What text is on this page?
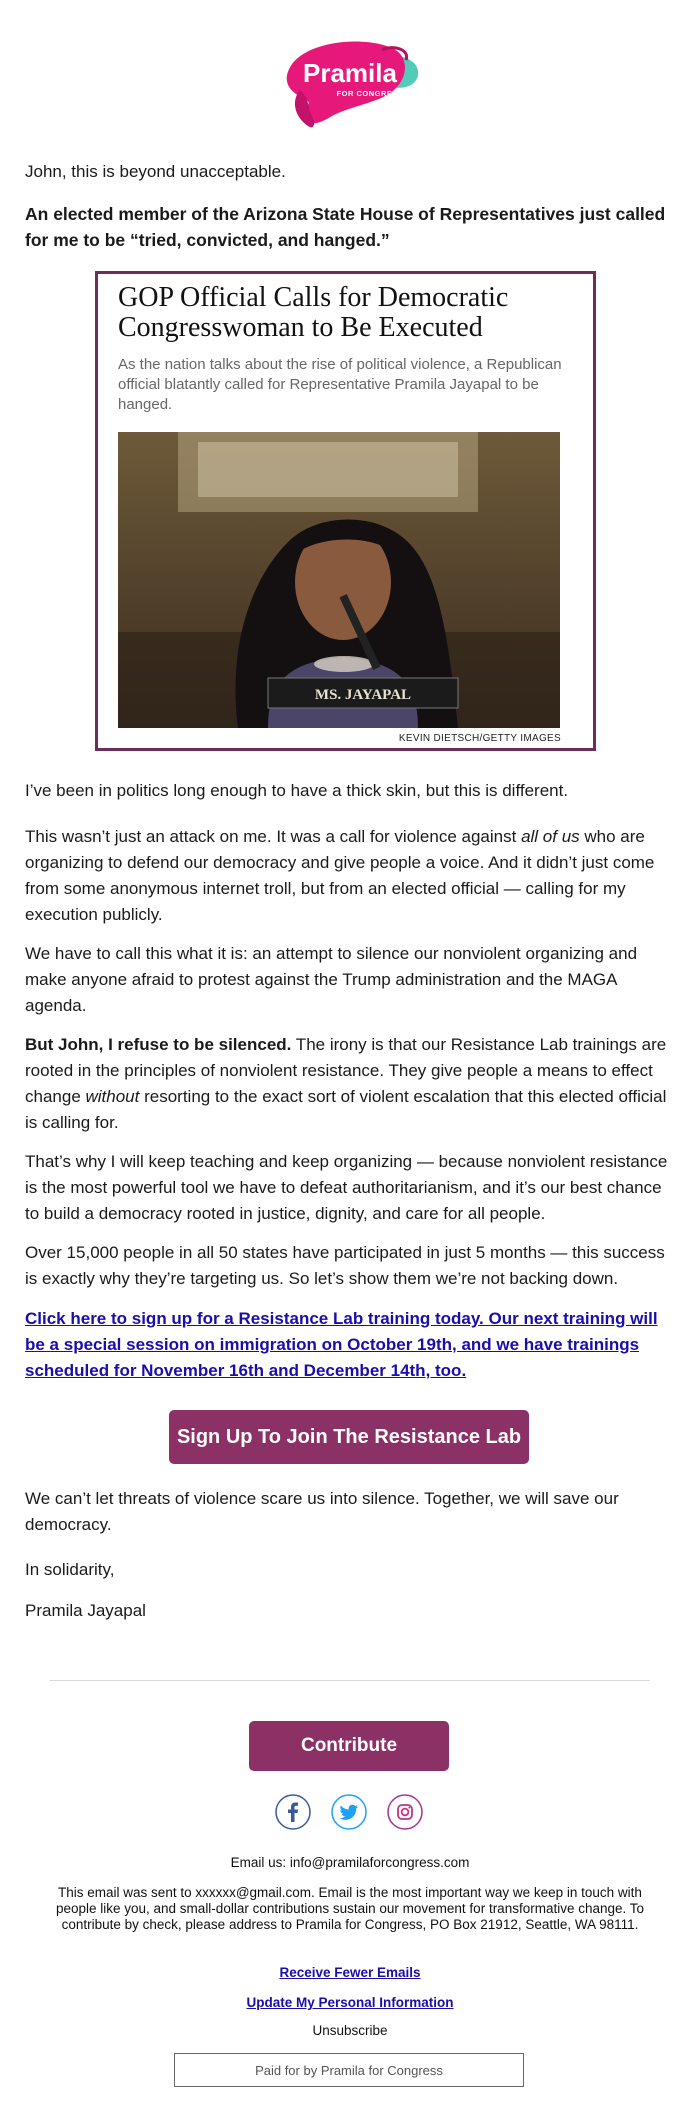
Pramila
FOR CONGRESS

John, this is beyond unacceptable.

An elected member of the Arizona State House of Representatives just called for me to be “tried, convicted, and hanged.”

GOP Official Calls for Democratic Congresswoman to Be Executed
As the nation talks about the rise of political violence, a Republican official blatantly called for Representative Pramila Jayapal to be hanged.
MS. JAYAPAL
KEVIN DIETSCH/GETTY IMAGES

I’ve been in politics long enough to have a thick skin, but this is different.

This wasn’t just an attack on me. It was a call for violence against all of us who are organizing to defend our democracy and give people a voice. And it didn’t just come from some anonymous internet troll, but from an elected official — calling for my execution publicly.

We have to call this what it is: an attempt to silence our nonviolent organizing and make anyone afraid to protest against the Trump administration and the MAGA agenda.

But John, I refuse to be silenced. The irony is that our Resistance Lab trainings are rooted in the principles of nonviolent resistance. They give people a means to effect change without resorting to the exact sort of violent escalation that this elected official is calling for.

That’s why I will keep teaching and keep organizing — because nonviolent resistance is the most powerful tool we have to defeat authoritarianism, and it’s our best chance to build a democracy rooted in justice, dignity, and care for all people.

Over 15,000 people in all 50 states have participated in just 5 months — this success is exactly why they’re targeting us. So let’s show them we’re not backing down.

Click here to sign up for a Resistance Lab training today. Our next training will be a special session on immigration on October 19th, and we have trainings scheduled for November 16th and December 14th, too.

Sign Up To Join The Resistance Lab

We can’t let threats of violence scare us into silence. Together, we will save our democracy.

In solidarity,

Pramila Jayapal

Contribute
Email us: info@pramilaforcongress.com
This email was sent to xxxxxx@gmail.com. Email is the most important way we keep in touch with people like you, and small-dollar contributions sustain our movement for transformative change. To contribute by check, please address to Pramila for Congress, PO Box 21912, Seattle, WA 98111.
Receive Fewer Emails
Update My Personal Information
Unsubscribe
Paid for by Pramila for Congress
